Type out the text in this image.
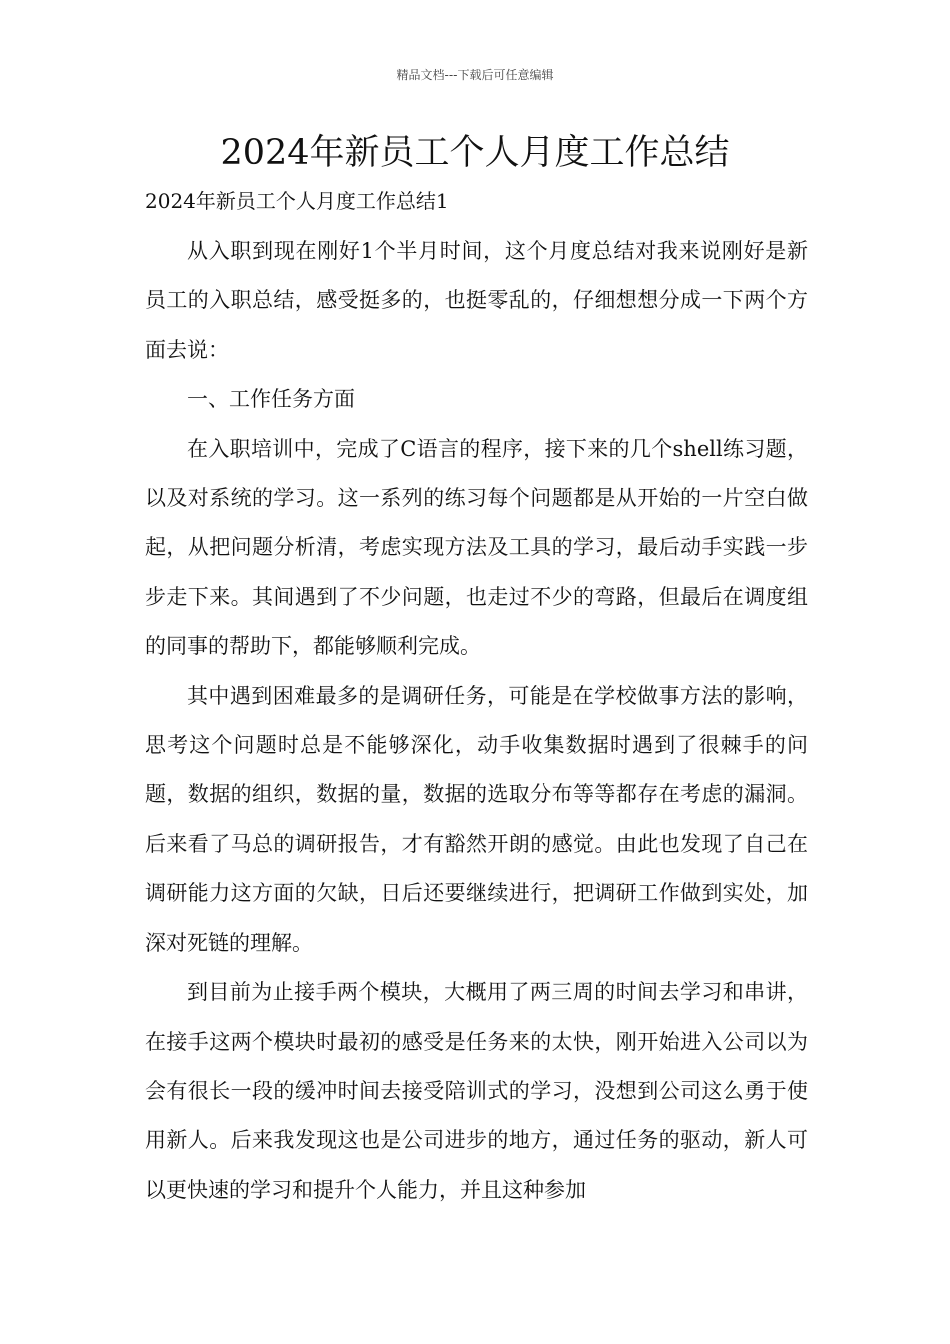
精品文档---下载后可任意编辑
2024年新员工个人月度工作总结

2024年新员工个人月度工作总结1

从入职到现在刚好1个半月时间，这个月度总结对我来说刚好是新员工的入职总结，感受挺多的，也挺零乱的，仔细想想分成一下两个方面去说：

一、工作任务方面

在入职培训中，完成了C语言的程序，接下来的几个shell练习题，以及对系统的学习。这一系列的练习每个问题都是从开始的一片空白做起，从把问题分析清，考虑实现方法及工具的学习，最后动手实践一步步走下来。其间遇到了不少问题，也走过不少的弯路，但最后在调度组的同事的帮助下，都能够顺利完成。

其中遇到困难最多的是调研任务，可能是在学校做事方法的影响，思考这个问题时总是不能够深化，动手收集数据时遇到了很棘手的问题，数据的组织，数据的量，数据的选取分布等等都存在考虑的漏洞。后来看了马总的调研报告，才有豁然开朗的感觉。由此也发现了自己在调研能力这方面的欠缺，日后还要继续进行，把调研工作做到实处，加深对死链的理解。

到目前为止接手两个模块，大概用了两三周的时间去学习和串讲，在接手这两个模块时最初的感受是任务来的太快，刚开始进入公司以为会有很长一段的缓冲时间去接受陪训式的学习，没想到公司这么勇于使用新人。后来我发现这也是公司进步的地方，通过任务的驱动，新人可以更快速的学习和提升个人能力，并且这种参加
